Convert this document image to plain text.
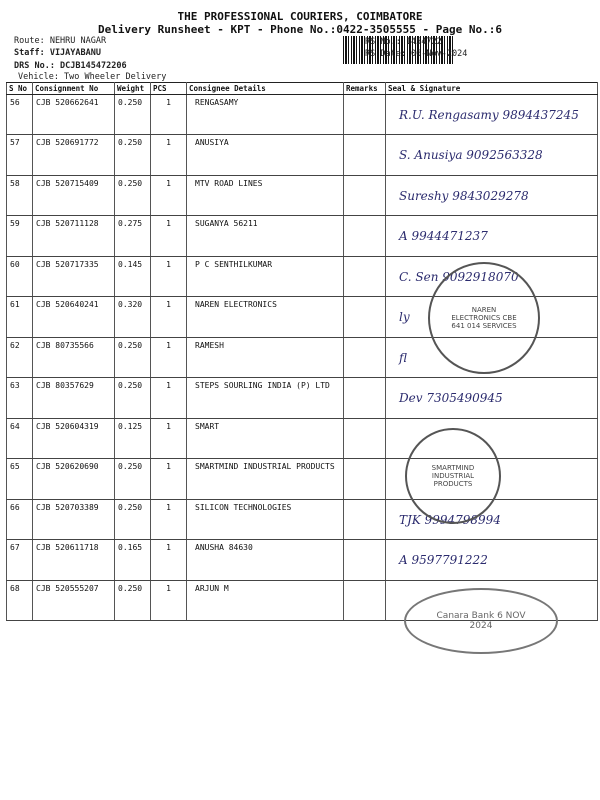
THE PROFESSIONAL COURIERS, COIMBATORE
Delivery Runsheet - KPT - Phone No.:0422-3505555 - Page No.:6
Route: NEHRU NAGAR
Staff: VIJAYABANU
DRS No.: DCJB145472206
Vehicle: Two Wheeler Delivery
RS No.: 1454722
RS Date: 06-Nov-2024
S No	Consignment No	Weight	PCS	Consignee Details	Remarks	Seal & Signature
56	CJB 520662641	0.250	1	RENGASAMY		R.U. Rengasamy 9894437245
57	CJB 520691772	0.250	1	ANUSIYA		S. Anusiya 9092563328
58	CJB 520715409	0.250	1	MTV ROAD LINES		Sureshy 9843029278
59	CJB 520711128	0.275	1	SUGANYA 56211		A 9944471237
60	CJB 520717335	0.145	1	P C SENTHILKUMAR		C. Sen 9092918070
61	CJB 520640241	0.320	1	NAREN ELECTRONICS		ly
62	CJB 80735566	0.250	1	RAMESH		fl
63	CJB 80357629	0.250	1	STEPS SOURLING INDIA (P) LTD		Dev 7305490945
64	CJB 520604319	0.125	1	SMART		
65	CJB 520620690	0.250	1	SMARTMIND INDUSTRIAL PRODUCTS		
66	CJB 520703389	0.250	1	SILICON TECHNOLOGIES		TJK 9994798994
67	CJB 520611718	0.165	1	ANUSHA 84630		A 9597791222
68	CJB 520555207	0.250	1	ARJUN M		
NAREN ELECTRONICS CBE 641 014 SERVICES
SMARTMIND INDUSTRIAL PRODUCTS
Canara Bank 6 NOV 2024
